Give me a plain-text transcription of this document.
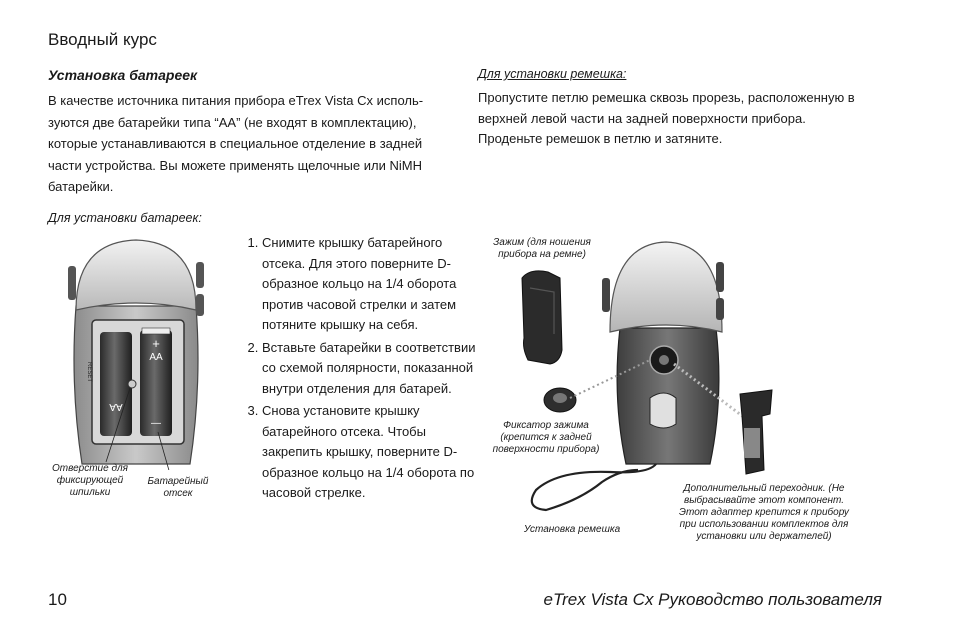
Вводный курс
Установка батареек
В качестве источника питания прибора eTrex Vista Cx исполь-
зуются две батарейки типа “AA” (не входят в комплектацию),
которые устанавливаются в специальное отделение в задней
части устройства. Вы можете применять щелочные или NiMH
батарейки.
Для установки ремешка:
Пропустите петлю ремешка сквозь прорезь, расположенную в
верхней левой части на задней поверхности прибора.
Проденьте ремешок в петлю и затяните.
Для установки батареек:
+
AA
AA
—
RESET
Отверстие для фиксирующей шпильки
Батарейный отсек
1. Снимите крышку батарейного отсека. Для этого поверните D-образное кольцо на 1/4 оборота против часовой стрелки и затем потяните крышку на себя.
2. Вставьте батарейки в соответствии со схемой полярности, показанной внутри отделения для батарей.
3. Снова установите крышку батарейного отсека. Чтобы закрепить крышку, поверните D-образное кольцо на 1/4 оборота по часовой стрелке.
Зажим (для ношения прибора на ремне)
Фиксатор зажима (крепится к задней поверхности прибора)
Установка ремешка
Дополнительный переходник. (Не выбрасывайте этот компонент. Этот адаптер крепится к прибору при использовании комплектов для установки или держателей)
10	eTrex Vista Cx Руководство пользователя
